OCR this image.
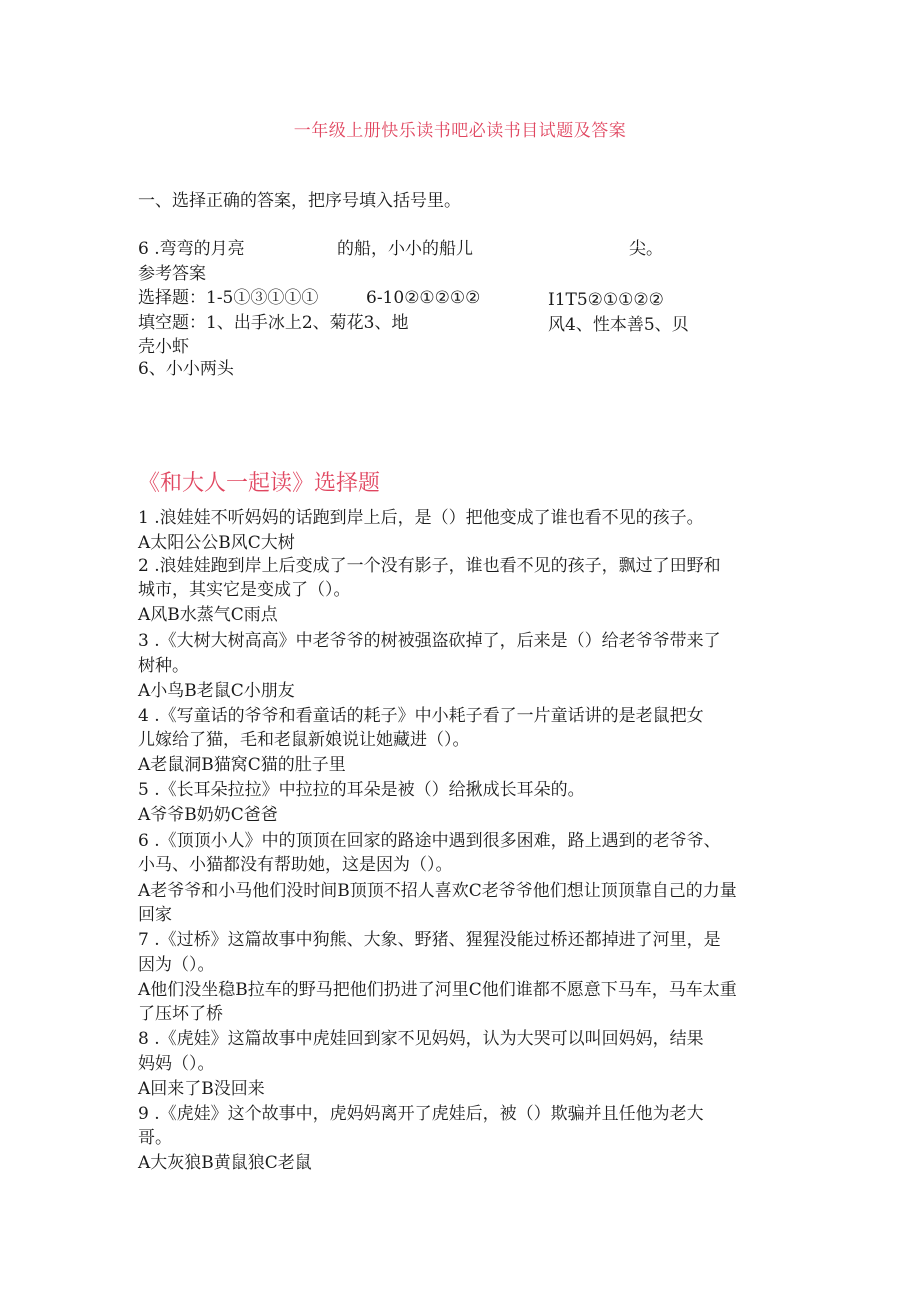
一年级上册快乐读书吧必读书目试题及答案
一、选择正确的答案，把序号填入括号里。
6 .弯弯的月亮	的船，小小的船儿	尖。
参考答案
选择题：1-5①③①①①	6-10②①②①②	I1T5②①①②②
填空题：1、出手冰上2、菊花3、地	风4、性本善5、贝
壳小虾
6、小小两头
《和大人一起读》选择题
1 .浪娃娃不听妈妈的话跑到岸上后，是（）把他变成了谁也看不见的孩子。
A太阳公公B风C大树
2 .浪娃娃跑到岸上后变成了一个没有影子，谁也看不见的孩子，飘过了田野和
城市，其实它是变成了（）。
A风B水蒸气C雨点
3 .《大树大树高高》中老爷爷的树被强盗砍掉了，后来是（）给老爷爷带来了
树种。
A小鸟B老鼠C小朋友
4 .《写童话的爷爷和看童话的耗子》中小耗子看了一片童话讲的是老鼠把女
儿嫁给了猫，毛和老鼠新娘说让她藏进（）。
A老鼠洞B猫窝C猫的肚子里
5 .《长耳朵拉拉》中拉拉的耳朵是被（）给揪成长耳朵的。
A爷爷B奶奶C爸爸
6 .《顶顶小人》中的顶顶在回家的路途中遇到很多困难，路上遇到的老爷爷、
小马、小猫都没有帮助她，这是因为（）。
A老爷爷和小马他们没时间B顶顶不招人喜欢C老爷爷他们想让顶顶靠自己的力量
回家
7 .《过桥》这篇故事中狗熊、大象、野猪、猩猩没能过桥还都掉进了河里，是
因为（）。
A他们没坐稳B拉车的野马把他们扔进了河里C他们谁都不愿意下马车，马车太重
了压坏了桥
8 .《虎娃》这篇故事中虎娃回到家不见妈妈，认为大哭可以叫回妈妈，结果
妈妈（）。
A回来了B没回来
9 .《虎娃》这个故事中，虎妈妈离开了虎娃后，被（）欺骗并且任他为老大
哥。
A大灰狼B黄鼠狼C老鼠
